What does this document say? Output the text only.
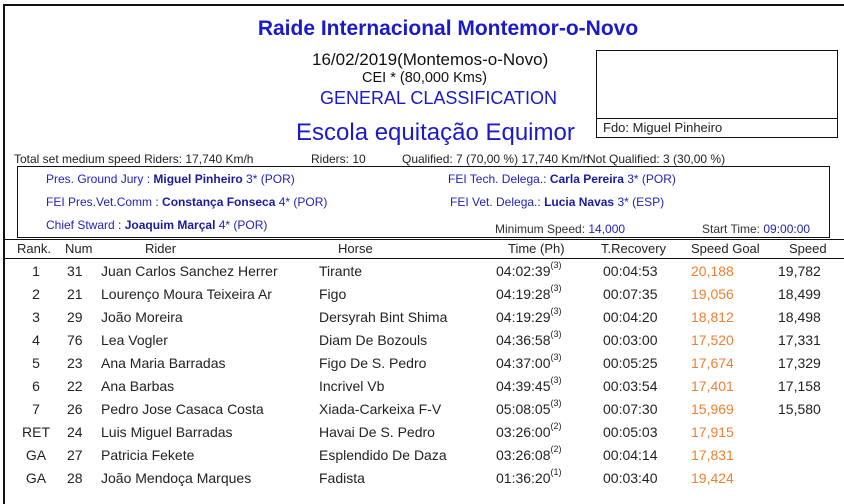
Raide Internacional Montemor-o-Novo
16/02/2019(Montemos-o-Novo)
CEI * (80,000 Kms)
GENERAL CLASSIFICATION
Escola equitação Equimor	Fdo: Miguel Pinheiro
Total set medium speed Riders: 17,740 Km/h	Riders: 10	Qualified: 7 (70,00 %) 17,740 Km/h
Not Qualified: 3 (30,00 %)
Pres. Ground Jury : Miguel Pinheiro 3* (POR)
FEI Pres.Vet.Comm : Constança Fonseca 4* (POR)
Chief Stward : Joaquim Marçal 4* (POR)
FEI Tech. Delega.: Carla Pereira 3* (POR)
FEI Vet. Delega.: Lucia Navas 3* (ESP)
Minimum Speed: 14,000	Start Time: 09:00:00
Rank. Num	Rider	Horse	Time (Ph)	T.Recovery Speed Goal Speed
1	31 Juan Carlos Sanchez Herrer	Tirante	04:02:39$^{(3)}$	00:04:53 20,188	19,782
2	21 Lourenço Moura Teixeira Ar	Figo	04:19:28$^{(3)}$	00:07:35 19,056	18,499
3	29 João Moreira	Dersyrah Bint Shima	04:19:29$^{(3)}$	00:04:20 18,812	18,498
4	76 Lea Vogler	Diam De Bozouls	04:36:58$^{(3)}$	00:03:00 17,520	17,331
5	23 Ana Maria Barradas	Figo De S. Pedro	04:37:00$^{(3)}$	00:05:25 17,674	17,329
6	22 Ana Barbas	Incrivel Vb	04:39:45$^{(3)}$	00:03:54 17,401	17,158
7	26 Pedro Jose Casaca Costa	Xiada-Carkeixa F-V	05:08:05$^{(3)}$	00:07:30 15,969	15,580
RET	24 Luis Miguel Barradas	Havai De S. Pedro	03:26:00$^{(2)}$	00:05:03 17,915
GA	27 Patricia Fekete	Esplendido De Daza	03:26:08$^{(2)}$	00:04:14 17,831
GA	28 João Mendoça Marques	Fadista	01:36:20$^{(1)}$	00:03:40 19,424
